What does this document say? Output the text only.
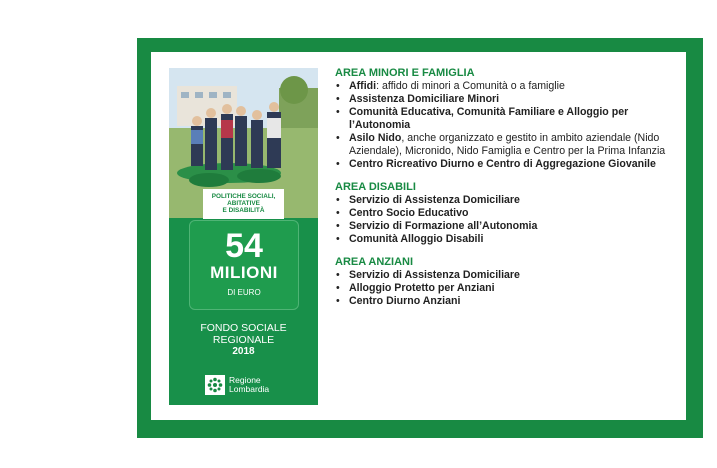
POLITICHE SOCIALI,
ABITATIVE
E DISABILITÀ
54
MILIONI
DI EURO
FONDO SOCIALE
REGIONALE
2018
Regione
Lombardia
AREA MINORI E FAMIGLIA
• Affidi: affido di minori a Comunità o a famiglie
• Assistenza Domiciliare Minori
• Comunità Educativa, Comunità Familiare e Alloggio per l’Autonomia
• Asilo Nido, anche organizzato e gestito in ambito aziendale (Nido Aziendale), Micronido, Nido Famiglia e Centro per la Prima Infanzia
• Centro Ricreativo Diurno e Centro di Aggregazione Giovanile
AREA DISABILI
• Servizio di Assistenza Domiciliare
• Centro Socio Educativo
• Servizio di Formazione all’Autonomia
• Comunità Alloggio Disabili
AREA ANZIANI
• Servizio di Assistenza Domiciliare
• Alloggio Protetto per Anziani
• Centro Diurno Anziani
